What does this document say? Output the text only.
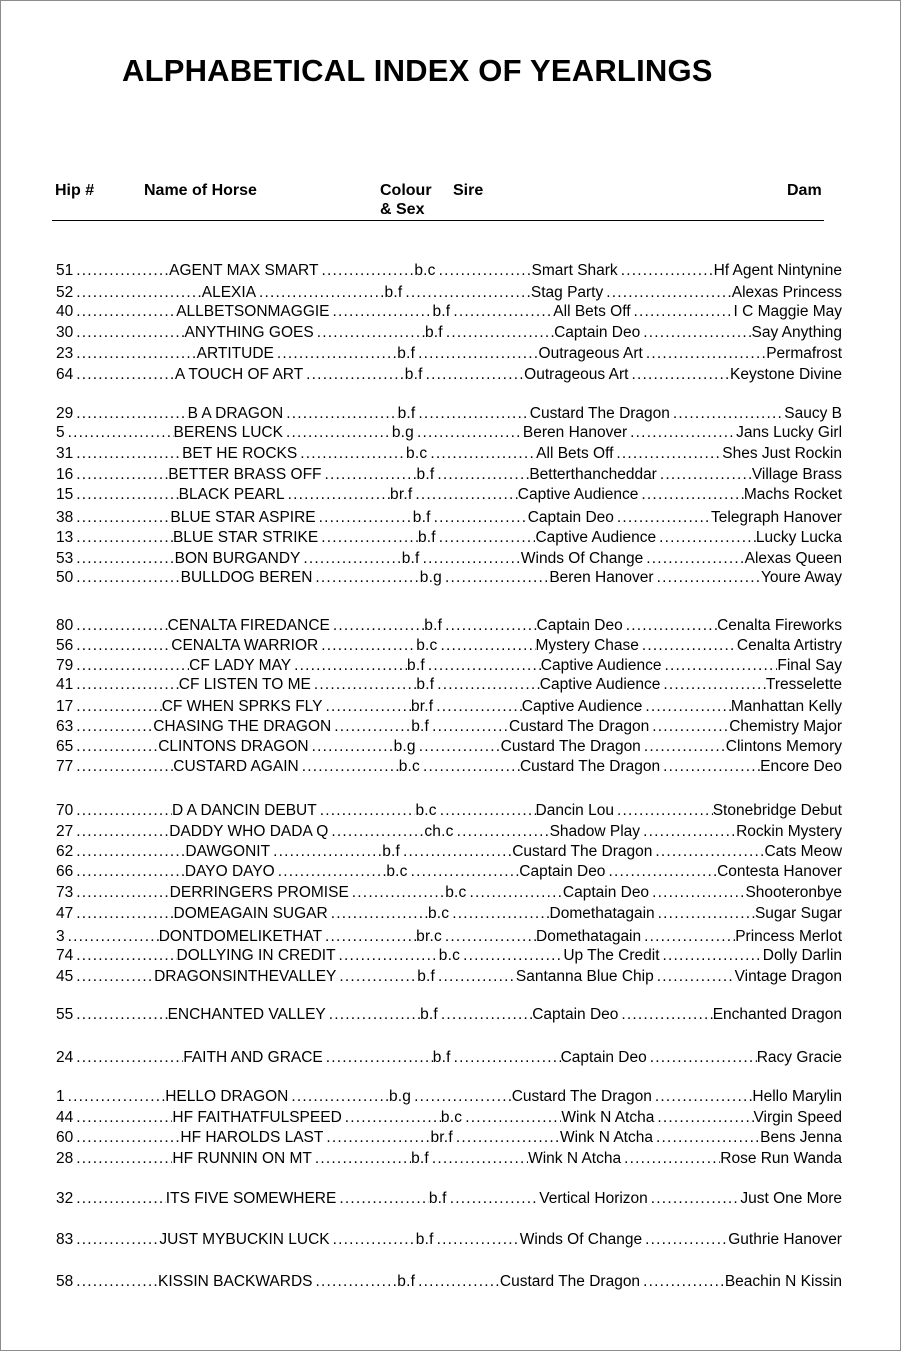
ALPHABETICAL INDEX OF YEARLINGS
Hip #	Name of Horse	Colour
& Sex
Sire	Dam
51 .....	AGENT MAX SMART .....	b.c .....	Smart Shark .....	Hf Agent Nintynine
52 .....	ALEXIA .....	b.f .....	Stag Party .....	Alexas Princess
40 .....	ALLBETSONMAGGIE .....	b.f .....	All Bets Off .....	I C Maggie May
30 .....	ANYTHING GOES .....	b.f .....	Captain Deo .....	Say Anything
23 .....	ARTITUDE .....	b.f .....	Outrageous Art .....	Permafrost
64 .....	A TOUCH OF ART .....	b.f .....	Outrageous Art .....	Keystone Divine
29 .....	B A DRAGON .....	b.f .....	Custard The Dragon .....	Saucy B
5 .....	BERENS LUCK .....	b.g .....	Beren Hanover .....	Jans Lucky Girl
31 .....	BET HE ROCKS .....	b.c .....	All Bets Off .....	Shes Just Rockin
16 .....	BETTER BRASS OFF .....	b.f .....	Betterthancheddar .....	Village Brass
15 .....	BLACK PEARL .....	br.f .....	Captive Audience .....	Machs Rocket
38 .....	BLUE STAR ASPIRE .....	b.f .....	Captain Deo .....	Telegraph Hanover
13 .....	BLUE STAR STRIKE .....	b.f .....	Captive Audience .....	Lucky Lucka
53 .....	BON BURGANDY .....	b.f .....	Winds Of Change .....	Alexas Queen
50 .....	BULLDOG BEREN .....	b.g .....	Beren Hanover .....	Youre Away
80 .....	CENALTA FIREDANCE .....	b.f .....	Captain Deo .....	Cenalta Fireworks
56 .....	CENALTA WARRIOR .....	b.c .....	Mystery Chase .....	Cenalta Artistry
79 .....	CF LADY MAY .....	b.f .....	Captive Audience .....	Final Say
41 .....	CF LISTEN TO ME .....	b.f .....	Captive Audience .....	Tresselette
17 .....	CF WHEN SPRKS FLY .....	br.f .....	Captive Audience .....	Manhattan Kelly
63 .....	CHASING THE DRAGON .....	b.f .....	Custard The Dragon .....	Chemistry Major
65 .....	CLINTONS DRAGON .....	b.g .....	Custard The Dragon .....	Clintons Memory
77 .....	CUSTARD AGAIN .....	b.c .....	Custard The Dragon .....	Encore Deo
70 .....	D A DANCIN DEBUT .....	b.c .....	Dancin Lou .....	Stonebridge Debut
27 .....	DADDY WHO DADA Q .....	ch.c .....	Shadow Play .....	Rockin Mystery
62 .....	DAWGONIT .....	b.f .....	Custard The Dragon .....	Cats Meow
66 .....	DAYO DAYO .....	b.c .....	Captain Deo .....	Contesta Hanover
73 .....	DERRINGERS PROMISE .....	b.c .....	Captain Deo .....	Shooteronbye
47 .....	DOMEAGAIN SUGAR .....	b.c .....	Domethatagain .....	Sugar Sugar
3 .....	DONTDOMELIKETHAT .....	br.c .....	Domethatagain .....	Princess Merlot
74 .....	DOLLYING IN CREDIT .....	b.c .....	Up The Credit .....	Dolly Darlin
45 .....	DRAGONSINTHEVALLEY .....	b.f .....	Santanna Blue Chip .....	Vintage Dragon
55 .....	ENCHANTED VALLEY .....	b.f .....	Captain Deo .....	Enchanted Dragon
24 .....	FAITH AND GRACE .....	b.f .....	Captain Deo .....	Racy Gracie
1 .....	HELLO DRAGON .....	b.g .....	Custard The Dragon .....	Hello Marylin
44 .....	HF FAITHATFULSPEED .....	b.c .....	Wink N Atcha .....	Virgin Speed
60 .....	HF HAROLDS LAST .....	br.f .....	Wink N Atcha .....	Bens Jenna
28 .....	HF RUNNIN ON MT .....	b.f .....	Wink N Atcha .....	Rose Run Wanda
32 .....	ITS FIVE SOMEWHERE .....	b.f .....	Vertical Horizon .....	Just One More
83 .....	JUST MYBUCKIN LUCK .....	b.f .....	Winds Of Change .....	Guthrie Hanover
58 .....	KISSIN BACKWARDS .....	b.f .....	Custard The Dragon .....	Beachin N Kissin
